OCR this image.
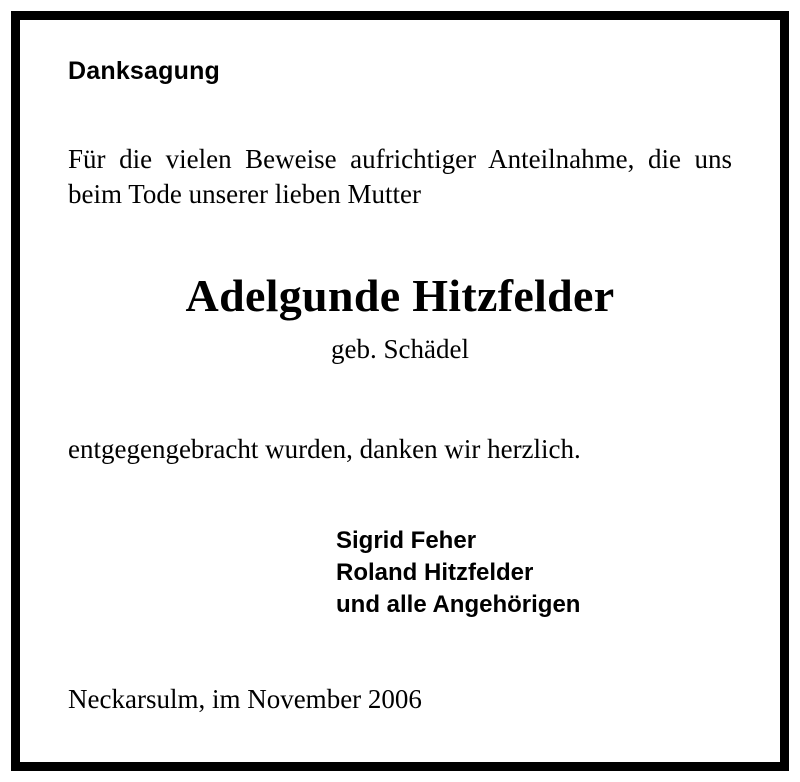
Danksagung
Für die vielen Beweise aufrichtiger Anteilnahme, die uns
beim Tode unserer lieben Mutter
Adelgunde Hitzfelder
geb. Schädel
entgegengebracht wurden, danken wir herzlich.
Sigrid Feher
Roland Hitzfelder
und alle Angehörigen
Neckarsulm, im November 2006
